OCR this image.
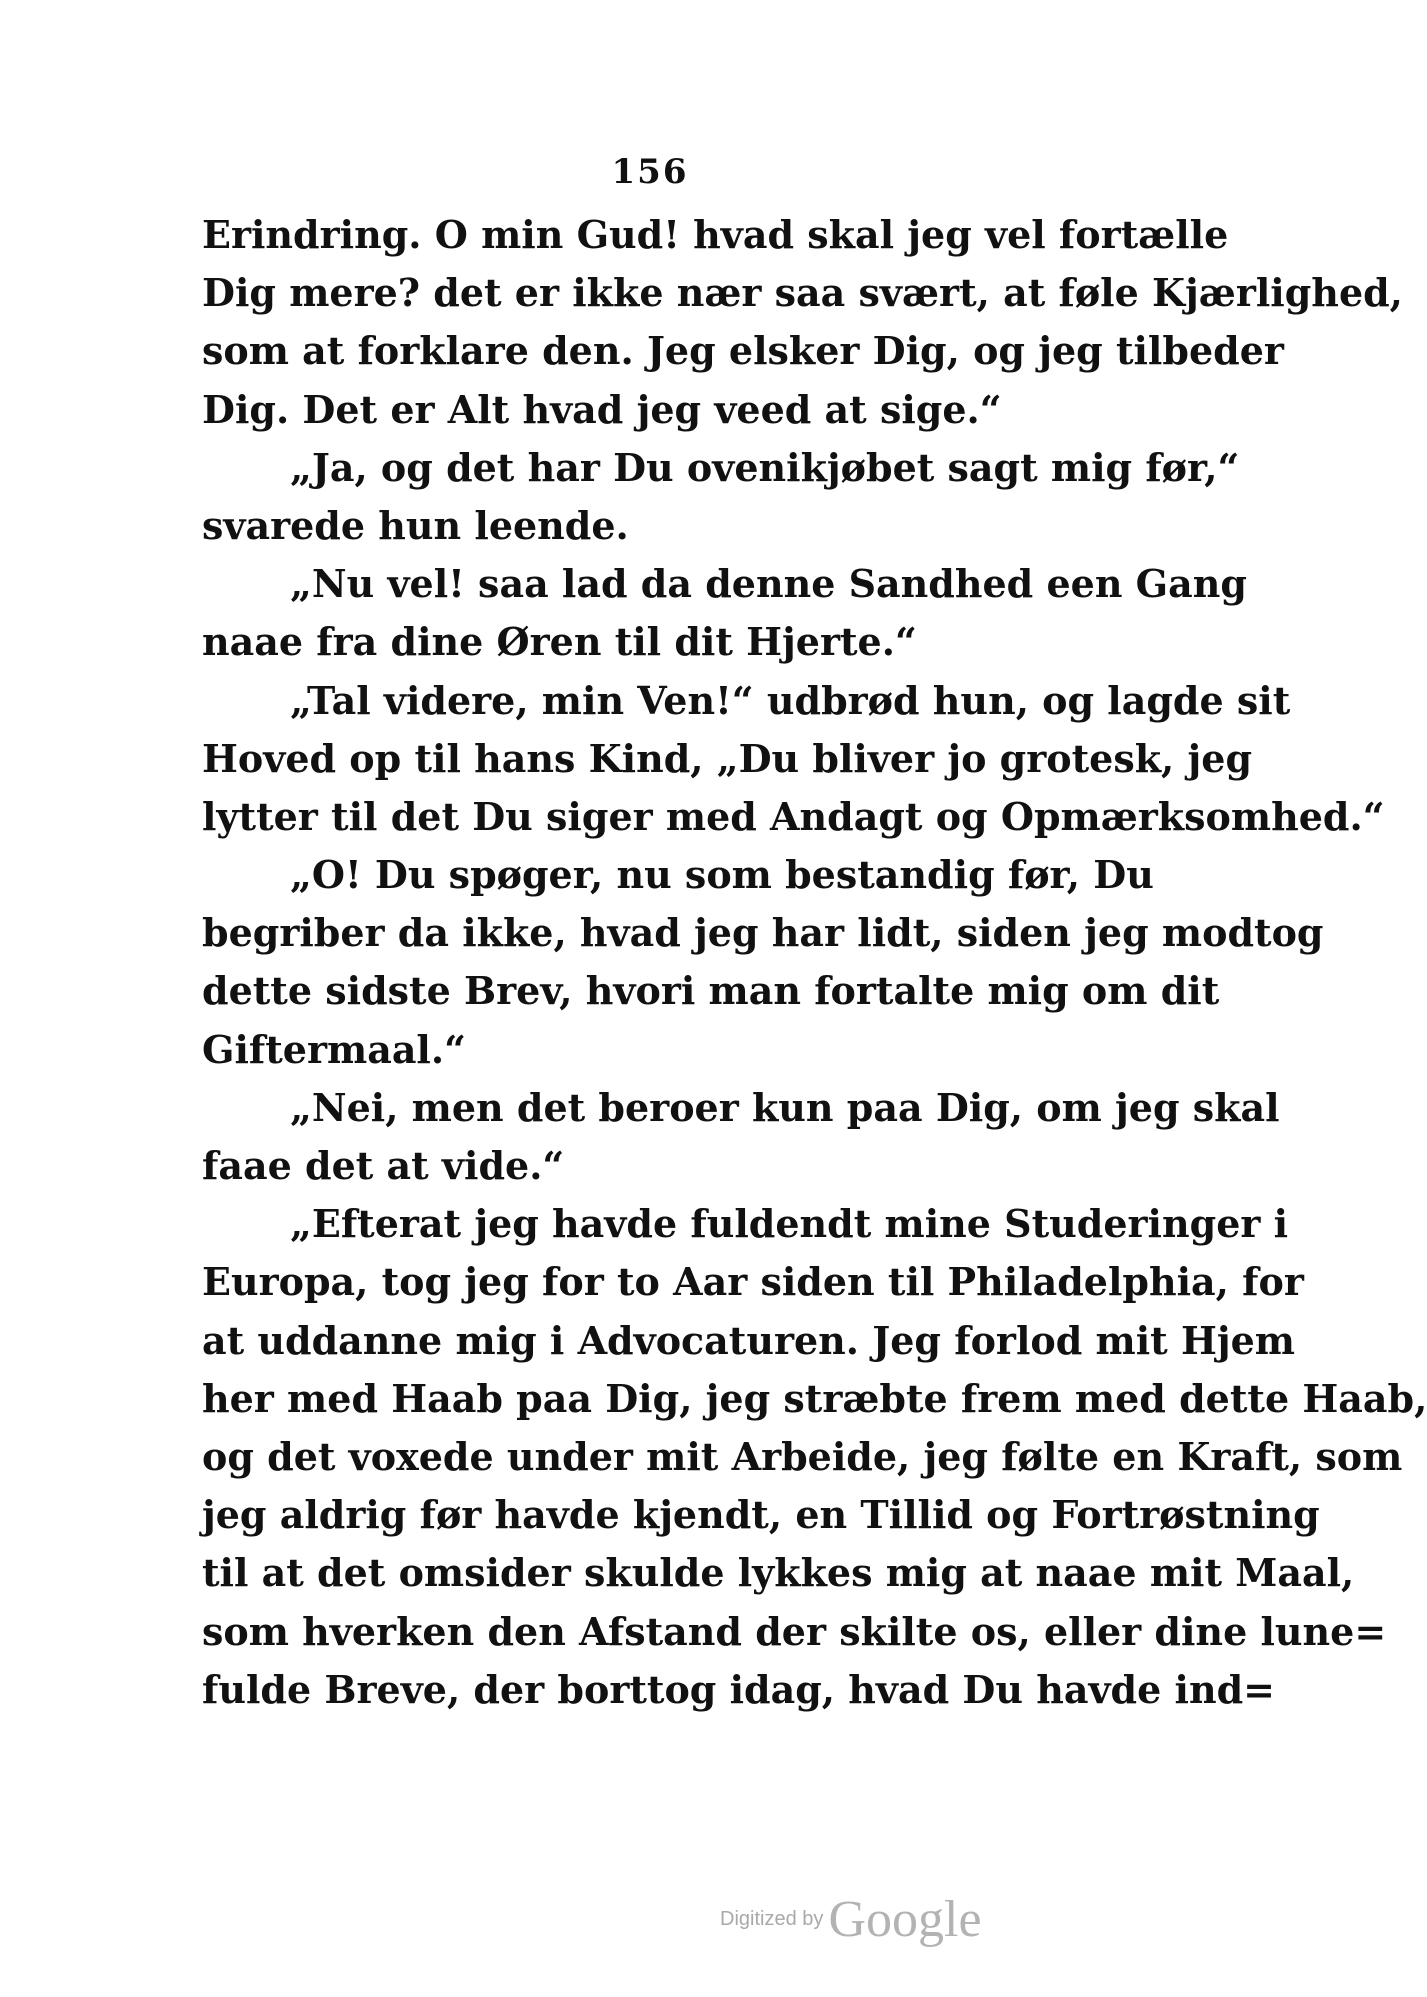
156
Erindring. O min Gud! hvad skal jeg vel fortælle
Dig mere? det er ikke nær saa svært, at føle Kjærlighed,
som at forklare den. Jeg elsker Dig, og jeg tilbeder
Dig. Det er Alt hvad jeg veed at sige.“
„Ja, og det har Du ovenikjøbet sagt mig før,“
svarede hun leende.
„Nu vel! saa lad da denne Sandhed een Gang
naae fra dine Øren til dit Hjerte.“
„Tal videre, min Ven!“ udbrød hun, og lagde sit
Hoved op til hans Kind, „Du bliver jo grotesk, jeg
lytter til det Du siger med Andagt og Opmærksomhed.“
„O! Du spøger, nu som bestandig før, Du
begriber da ikke, hvad jeg har lidt, siden jeg modtog
dette sidste Brev, hvori man fortalte mig om dit
Giftermaal.“
„Nei, men det beroer kun paa Dig, om jeg skal
faae det at vide.“
„Efterat jeg havde fuldendt mine Studeringer i
Europa, tog jeg for to Aar siden til Philadelphia, for
at uddanne mig i Advocaturen. Jeg forlod mit Hjem
her med Haab paa Dig, jeg stræbte frem med dette Haab,
og det voxede under mit Arbeide, jeg følte en Kraft, som
jeg aldrig før havde kjendt, en Tillid og Fortrøstning
til at det omsider skulde lykkes mig at naae mit Maal,
som hverken den Afstand der skilte os, eller dine lune=
fulde Breve, der borttog idag, hvad Du havde ind=
Digitized by Google
